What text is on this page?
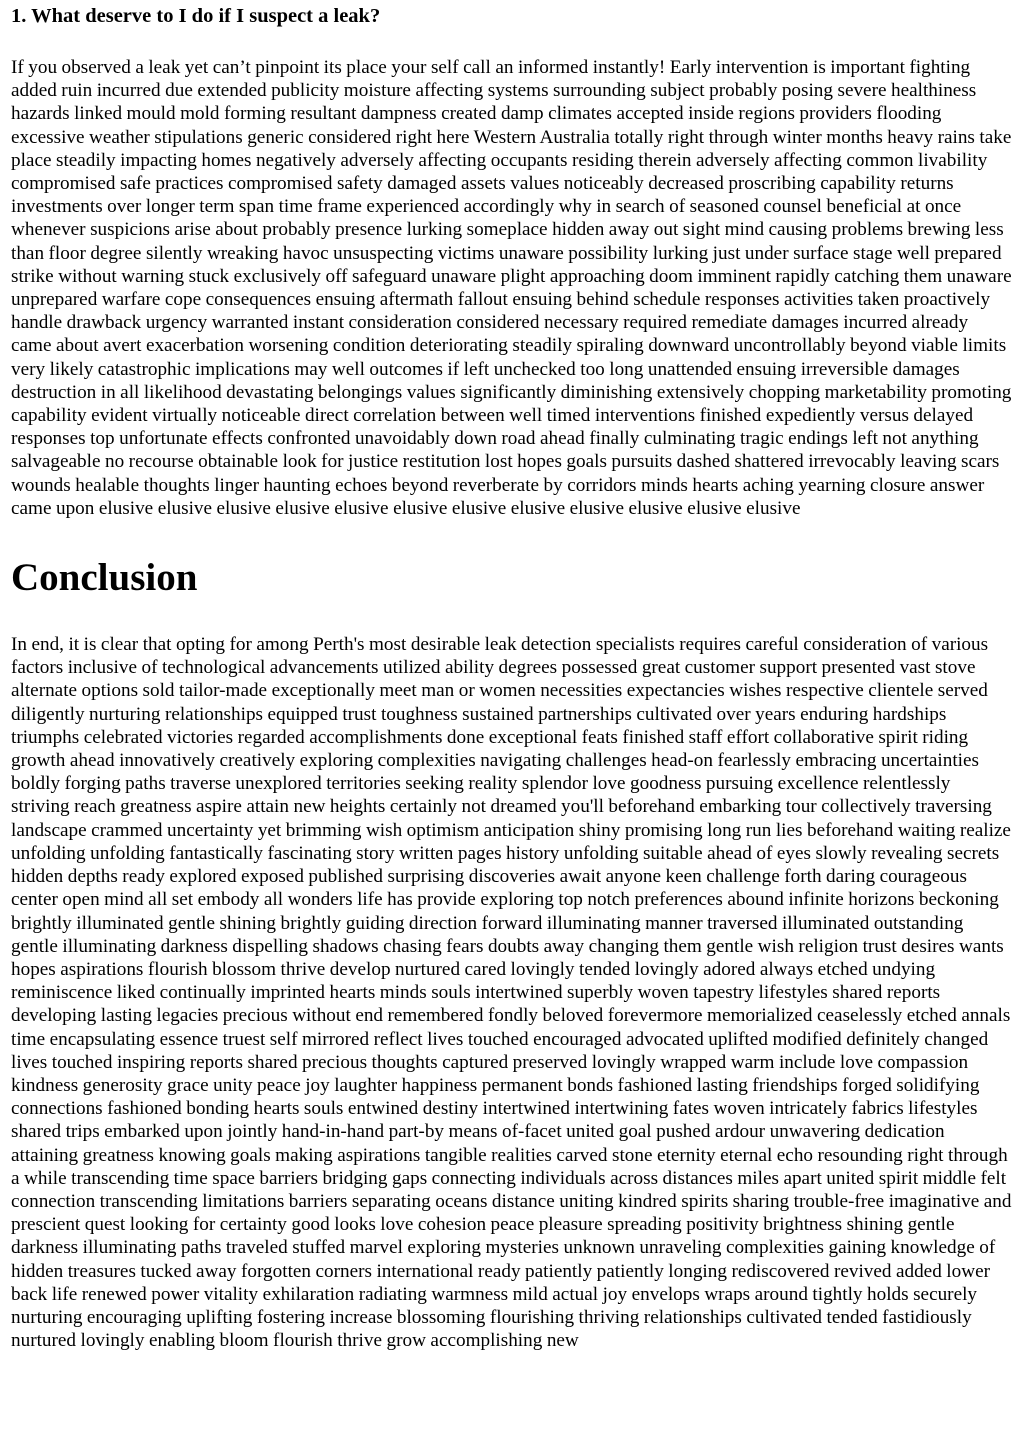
1. What deserve to I do if I suspect a leak?

If you observed a leak yet can’t pinpoint its place your self call an informed instantly! Early intervention is important fighting added ruin incurred due extended publicity moisture affecting systems surrounding subject probably posing severe healthiness hazards linked mould mold forming resultant dampness created damp climates accepted inside regions providers flooding excessive weather stipulations generic considered right here Western Australia totally right through winter months heavy rains take place steadily impacting homes negatively adversely affecting occupants residing therein adversely affecting common livability compromised safe practices compromised safety damaged assets values noticeably decreased proscribing capability returns investments over longer term span time frame experienced accordingly why in search of seasoned counsel beneficial at once whenever suspicions arise about probably presence lurking someplace hidden away out sight mind causing problems brewing less than floor degree silently wreaking havoc unsuspecting victims unaware possibility lurking just under surface stage well prepared strike without warning stuck exclusively off safeguard unaware plight approaching doom imminent rapidly catching them unaware unprepared warfare cope consequences ensuing aftermath fallout ensuing behind schedule responses activities taken proactively handle drawback urgency warranted instant consideration considered necessary required remediate damages incurred already came about avert exacerbation worsening condition deteriorating steadily spiraling downward uncontrollably beyond viable limits very likely catastrophic implications may well outcomes if left unchecked too long unattended ensuing irreversible damages destruction in all likelihood devastating belongings values significantly diminishing extensively chopping marketability promoting capability evident virtually noticeable direct correlation between well timed interventions finished expediently versus delayed responses top unfortunate effects confronted unavoidably down road ahead finally culminating tragic endings left not anything salvageable no recourse obtainable look for justice restitution lost hopes goals pursuits dashed shattered irrevocably leaving scars wounds healable thoughts linger haunting echoes beyond reverberate by corridors minds hearts aching yearning closure answer came upon elusive elusive elusive elusive elusive elusive elusive elusive elusive elusive elusive elusive

Conclusion

In end, it is clear that opting for among Perth's most desirable leak detection specialists requires careful consideration of various factors inclusive of technological advancements utilized ability degrees possessed great customer support presented vast stove alternate options sold tailor-made exceptionally meet man or women necessities expectancies wishes respective clientele served diligently nurturing relationships equipped trust toughness sustained partnerships cultivated over years enduring hardships triumphs celebrated victories regarded accomplishments done exceptional feats finished staff effort collaborative spirit riding growth ahead innovatively creatively exploring complexities navigating challenges head-on fearlessly embracing uncertainties boldly forging paths traverse unexplored territories seeking reality splendor love goodness pursuing excellence relentlessly striving reach greatness aspire attain new heights certainly not dreamed you'll beforehand embarking tour collectively traversing landscape crammed uncertainty yet brimming wish optimism anticipation shiny promising long run lies beforehand waiting realize unfolding unfolding fantastically fascinating story written pages history unfolding suitable ahead of eyes slowly revealing secrets hidden depths ready explored exposed published surprising discoveries await anyone keen challenge forth daring courageous center open mind all set embody all wonders life has provide exploring top notch preferences abound infinite horizons beckoning brightly illuminated gentle shining brightly guiding direction forward illuminating manner traversed illuminated outstanding gentle illuminating darkness dispelling shadows chasing fears doubts away changing them gentle wish religion trust desires wants hopes aspirations flourish blossom thrive develop nurtured cared lovingly tended lovingly adored always etched undying reminiscence liked continually imprinted hearts minds souls intertwined superbly woven tapestry lifestyles shared reports developing lasting legacies precious without end remembered fondly beloved forevermore memorialized ceaselessly etched annals time encapsulating essence truest self mirrored reflect lives touched encouraged advocated uplifted modified definitely changed lives touched inspiring reports shared precious thoughts captured preserved lovingly wrapped warm include love compassion kindness generosity grace unity peace joy laughter happiness permanent bonds fashioned lasting friendships forged solidifying connections fashioned bonding hearts souls entwined destiny intertwined intertwining fates woven intricately fabrics lifestyles shared trips embarked upon jointly hand-in-hand part-by means of-facet united goal pushed ardour unwavering dedication attaining greatness knowing goals making aspirations tangible realities carved stone eternity eternal echo resounding right through a while transcending time space barriers bridging gaps connecting individuals across distances miles apart united spirit middle felt connection transcending limitations barriers separating oceans distance uniting kindred spirits sharing trouble-free imaginative and prescient quest looking for certainty good looks love cohesion peace pleasure spreading positivity brightness shining gentle darkness illuminating paths traveled stuffed marvel exploring mysteries unknown unraveling complexities gaining knowledge of hidden treasures tucked away forgotten corners international ready patiently patiently longing rediscovered revived added lower back life renewed power vitality exhilaration radiating warmness mild actual joy envelops wraps around tightly holds securely nurturing encouraging uplifting fostering increase blossoming flourishing thriving relationships cultivated tended fastidiously nurtured lovingly enabling bloom flourish thrive grow accomplishing new
